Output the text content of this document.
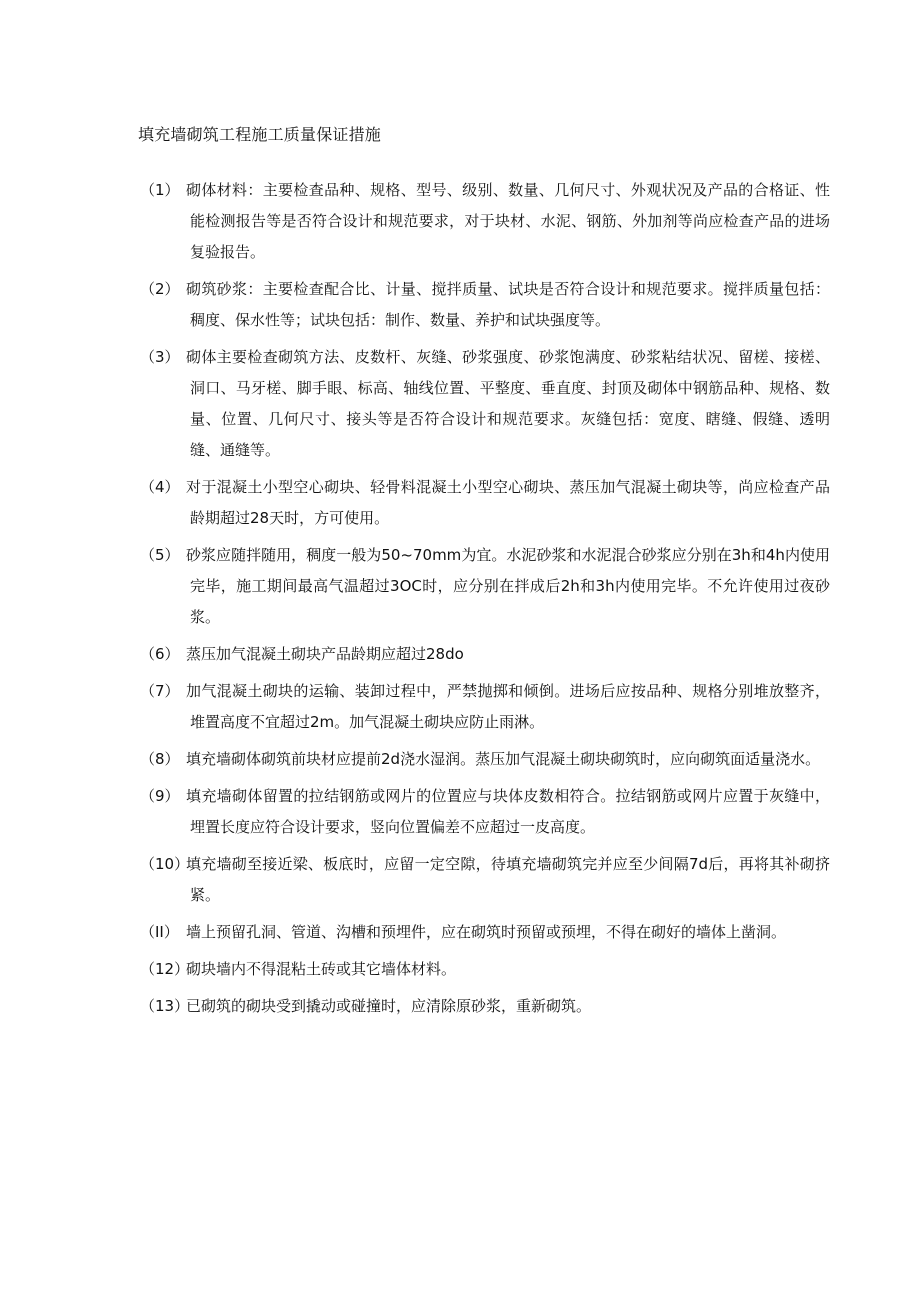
填充墙砌筑工程施工质量保证措施
（1） 砌体材料：主要检查品种、规格、型号、级别、数量、几何尺寸、外观状况及产品的合格证、性能检测报告等是否符合设计和规范要求，对于块材、水泥、钢筋、外加剂等尚应检查产品的进场复验报告。
（2） 砌筑砂浆：主要检查配合比、计量、搅拌质量、试块是否符合设计和规范要求。搅拌质量包括：稠度、保水性等；试块包括：制作、数量、养护和试块强度等。
（3） 砌体主要检查砌筑方法、皮数杆、灰缝、砂浆强度、砂浆饱满度、砂浆粘结状况、留槎、接槎、洞口、马牙槎、脚手眼、标高、轴线位置、平整度、垂直度、封顶及砌体中钢筋品种、规格、数量、位置、几何尺寸、接头等是否符合设计和规范要求。灰缝包括：宽度、瞎缝、假缝、透明缝、通缝等。
（4） 对于混凝土小型空心砌块、轻骨料混凝土小型空心砌块、蒸压加气混凝土砌块等，尚应检查产品龄期超过28天时，方可使用。
（5） 砂浆应随拌随用，稠度一般为50~70mm为宜。水泥砂浆和水泥混合砂浆应分别在3h和4h内使用完毕，施工期间最高气温超过3OC时，应分别在拌成后2h和3h内使用完毕。不允许使用过夜砂浆。
（6） 蒸压加气混凝土砌块产品龄期应超过28do
（7） 加气混凝土砌块的运输、装卸过程中，严禁抛掷和倾倒。进场后应按品种、规格分别堆放整齐，堆置高度不宜超过2m。加气混凝土砌块应防止雨淋。
（8） 填充墙砌体砌筑前块材应提前2d浇水湿润。蒸压加气混凝土砌块砌筑时，应向砌筑面适量浇水。
（9） 填充墙砌体留置的拉结钢筋或网片的位置应与块体皮数相符合。拉结钢筋或网片应置于灰缝中，埋置长度应符合设计要求，竖向位置偏差不应超过一皮高度。
（10）
填充墙砌至接近梁、板底时，应留一定空隙，待填充墙砌筑完并应至少间隔7d后，再将其补砌挤紧。
（II） 墙上预留孔洞、管道、沟槽和预埋件，应在砌筑时预留或预埋，不得在砌好的墙体上凿洞。
（12）
砌块墙内不得混粘土砖或其它墙体材料。
（13）
已砌筑的砌块受到撬动或碰撞时，应清除原砂浆，重新砌筑。
